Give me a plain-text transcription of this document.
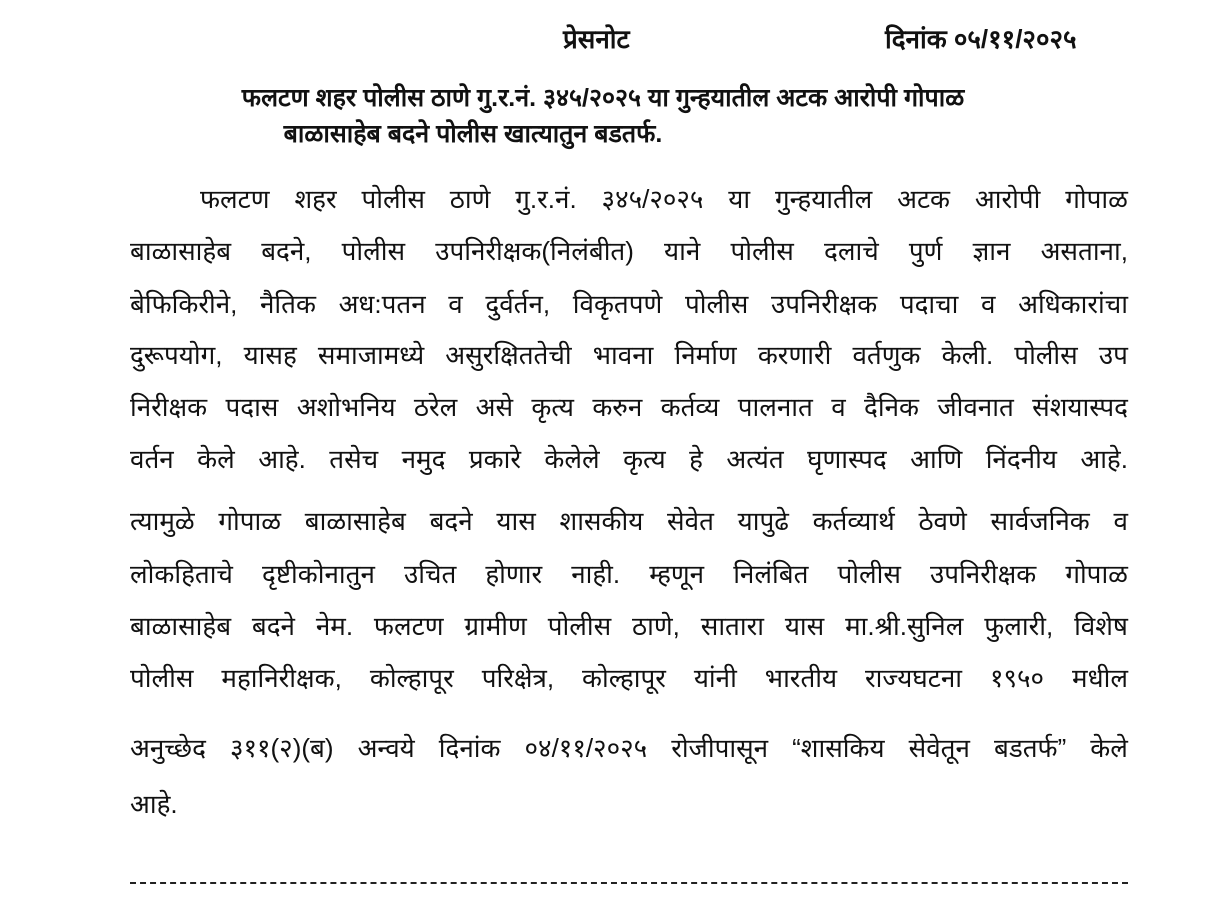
प्रेसनोट	दिनांक ०५/११/२०२५
फलटण शहर पोलीस ठाणे गु.र.नं. ३४५/२०२५ या गुन्हयातील अटक आरोपी गोपाळ
बाळासाहेब बदने पोलीस खात्यातुन बडतर्फ.
फलटण शहर पोलीस ठाणे गु.र.नं. ३४५/२०२५ या गुन्हयातील अटक आरोपी गोपाळ
बाळासाहेब बदने, पोलीस उपनिरीक्षक(निलंबीत) याने पोलीस दलाचे पुर्ण ज्ञान असताना,
बेफिकिरीने, नैतिक अध:पतन व दुर्वर्तन, विकृतपणे पोलीस उपनिरीक्षक पदाचा व अधिकारांचा
दुरूपयोग, यासह समाजामध्ये असुरक्षिततेची भावना निर्माण करणारी वर्तणुक केली. पोलीस उप
निरीक्षक पदास अशोभनिय ठरेल असे कृत्य करुन कर्तव्य पालनात व दैनिक जीवनात संशयास्पद
वर्तन केले आहे. तसेच नमुद प्रकारे केलेले कृत्य हे अत्यंत घृणास्पद आणि निंदनीय आहे.
त्यामुळे गोपाळ बाळासाहेब बदने यास शासकीय सेवेत यापुढे कर्तव्यार्थ ठेवणे सार्वजनिक व
लोकहिताचे दृष्टीकोनातुन उचित होणार नाही. म्हणून निलंबित पोलीस उपनिरीक्षक गोपाळ
बाळासाहेब बदने नेम. फलटण ग्रामीण पोलीस ठाणे, सातारा यास मा.श्री.सुनिल फुलारी, विशेष
पोलीस महानिरीक्षक, कोल्हापूर परिक्षेत्र, कोल्हापूर यांनी भारतीय राज्यघटना १९५० मधील
अनुच्छेद ३११(२)(ब) अन्वये दिनांक ०४/११/२०२५ रोजीपासून “शासकिय सेवेतून बडतर्फ” केले
आहे.
